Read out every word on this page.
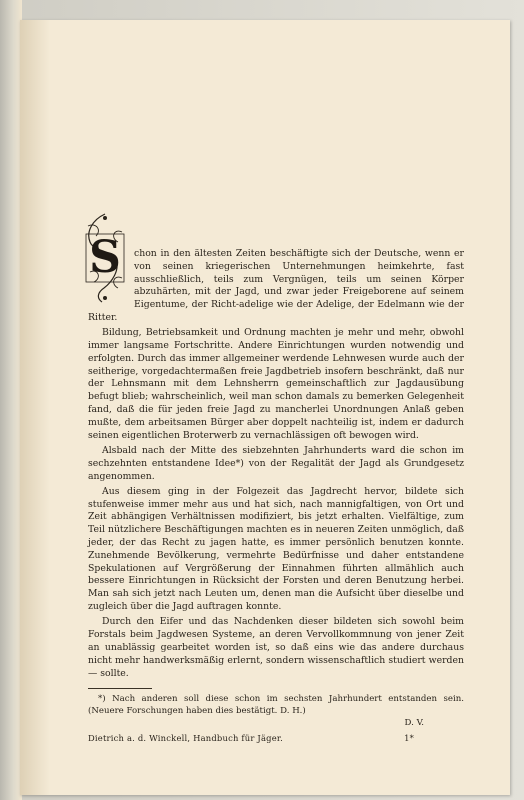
S	chon in den ältesten Zeiten beschäftigte sich der Deutsche, wenn er von seinen kriegerischen Unternehmungen heimkehrte, fast ausschließlich, teils zum Vergnügen, teils um seinen Körper abzuhärten, mit der Jagd, und zwar jeder Freigeborene auf seinem Eigentume, der Richt-adelige wie der Adelige, der Edelmann wie der Ritter.

Bildung, Betriebsamkeit und Ordnung machten je mehr und mehr, obwohl immer langsame Fortschritte. Andere Einrichtungen wurden notwendig und erfolgten. Durch das immer allgemeiner werdende Lehnwesen wurde auch der seitherige, vorgedachtermaßen freie Jagdbetrieb insofern beschränkt, daß nur der Lehnsmann mit dem Lehnsherrn gemeinschaftlich zur Jagdausübung befugt blieb; wahrscheinlich, weil man schon damals zu bemerken Gelegenheit fand, daß die für jeden freie Jagd zu mancherlei Unordnungen Anlaß geben mußte, dem arbeitsamen Bürger aber doppelt nachteilig ist, indem er dadurch seinen eigentlichen Broterwerb zu vernachlässigen oft bewogen wird.

Alsbald nach der Mitte des siebzehnten Jahrhunderts ward die schon im sechzehnten entstandene Idee*) von der Regalität der Jagd als Grundgesetz angenommen.

Aus diesem ging in der Folgezeit das Jagdrecht hervor, bildete sich stufenweise immer mehr aus und hat sich, nach mannigfaltigen, von Ort und Zeit abhängigen Verhältnissen modifiziert, bis jetzt erhalten. Vielfältige, zum Teil nützlichere Beschäftigungen machten es in neueren Zeiten unmöglich, daß jeder, der das Recht zu jagen hatte, es immer persönlich benutzen konnte. Zunehmende Bevölkerung, vermehrte Bedürfnisse und daher entstandene Spekulationen auf Vergrößerung der Einnahmen führten allmählich auch bessere Einrichtungen in Rücksicht der Forsten und deren Benutzung herbei. Man sah sich jetzt nach Leuten um, denen man die Aufsicht über dieselbe und zugleich über die Jagd auftragen konnte.

Durch den Eifer und das Nachdenken dieser bildeten sich sowohl beim Forstals beim Jagdwesen Systeme, an deren Vervollkommnung von jener Zeit an unablässig gearbeitet worden ist, so daß eins wie das andere durchaus nicht mehr handwerksmäßig erlernt, sondern wissenschaftlich studiert werden — sollte.

*) Nach anderen soll diese schon im sechsten Jahrhundert entstanden sein. (Neuere Forschungen haben dies bestätigt. D. H.)

D. V.

Dietrich a. d. Winckell, Handbuch für Jäger.	1*
